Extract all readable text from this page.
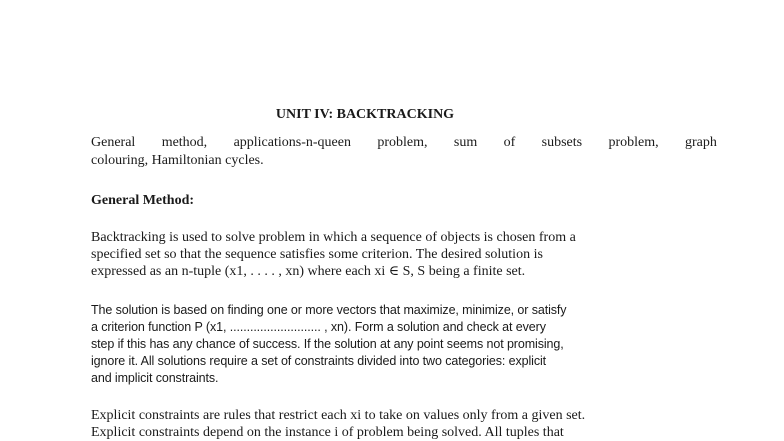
UNIT IV: BACKTRACKING
General method, applications-n-queen problem, sum of subsets problem, graph
colouring, Hamiltonian cycles.
General Method:
Backtracking is used to solve problem in which a sequence of objects is chosen from a
specified set so that the sequence satisfies some criterion. The desired solution is
expressed as an n-tuple (x1, . . . . , xn) where each xi ∈ S, S being a finite set.
The solution is based on finding one or more vectors that maximize, minimize, or satisfy
a criterion function P (x1, ........................... , xn). Form a solution and check at every
step if this has any chance of success. If the solution at any point seems not promising,
ignore it. All solutions require a set of constraints divided into two categories: explicit
and implicit constraints.
Explicit constraints are rules that restrict each xi to take on values only from a given set.
Explicit constraints depend on the instance i of problem being solved. All tuples that
